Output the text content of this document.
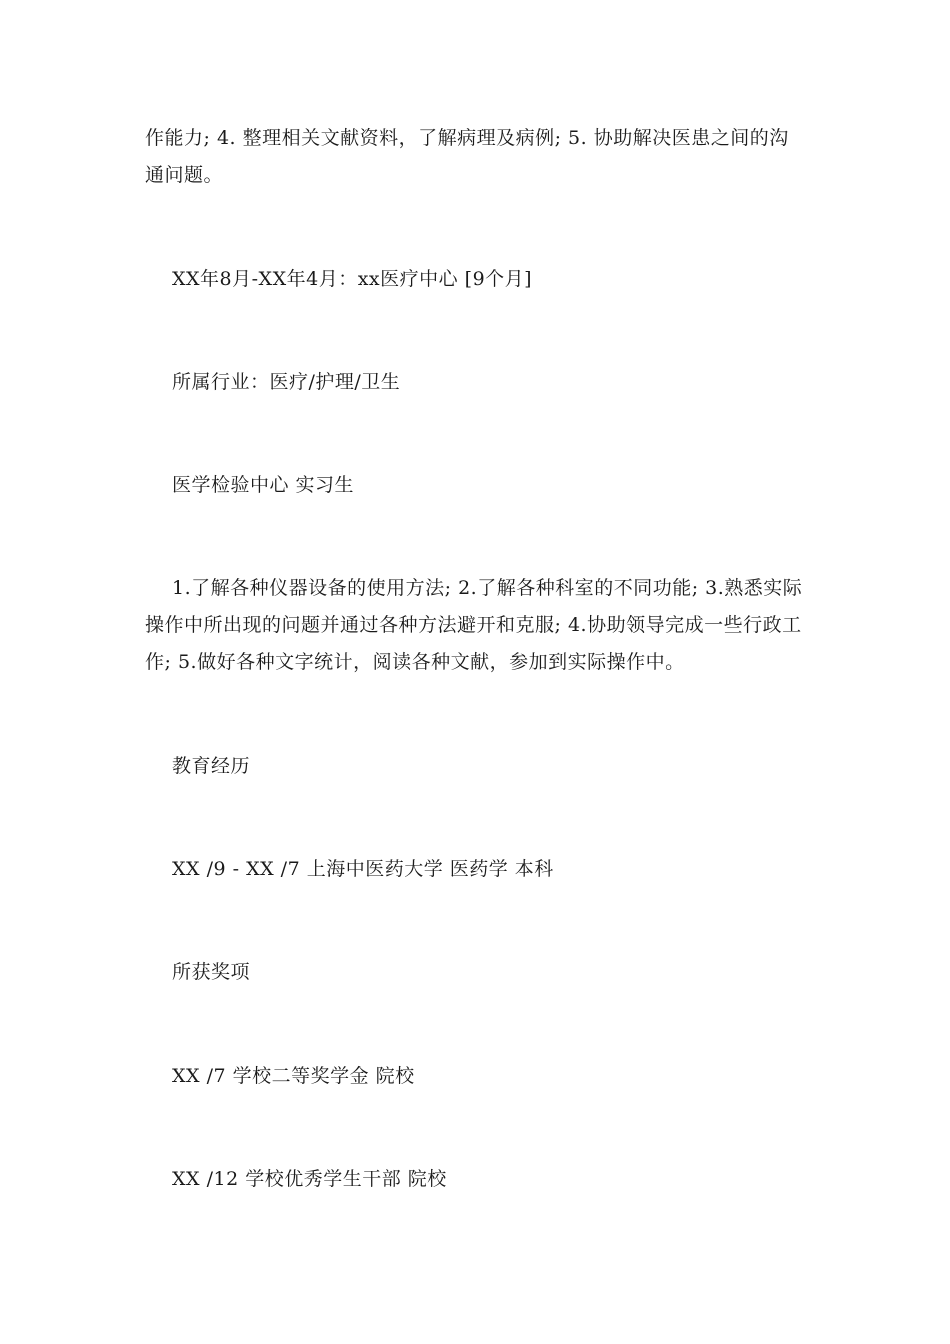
作能力; 4. 整理相关文献资料，了解病理及病例; 5. 协助解决医患之间的沟
通问题。
XX年8月-XX年4月：xx医疗中心 [9个月]
所属行业：医疗/护理/卫生
医学检验中心 实习生
1.了解各种仪器设备的使用方法; 2.了解各种科室的不同功能; 3.熟悉实际
操作中所出现的问题并通过各种方法避开和克服; 4.协助领导完成一些行政工
作; 5.做好各种文字统计，阅读各种文献，参加到实际操作中。
教育经历
XX /9 - XX /7 上海中医药大学 医药学 本科
所获奖项
XX /7 学校二等奖学金 院校
XX /12 学校优秀学生干部 院校
